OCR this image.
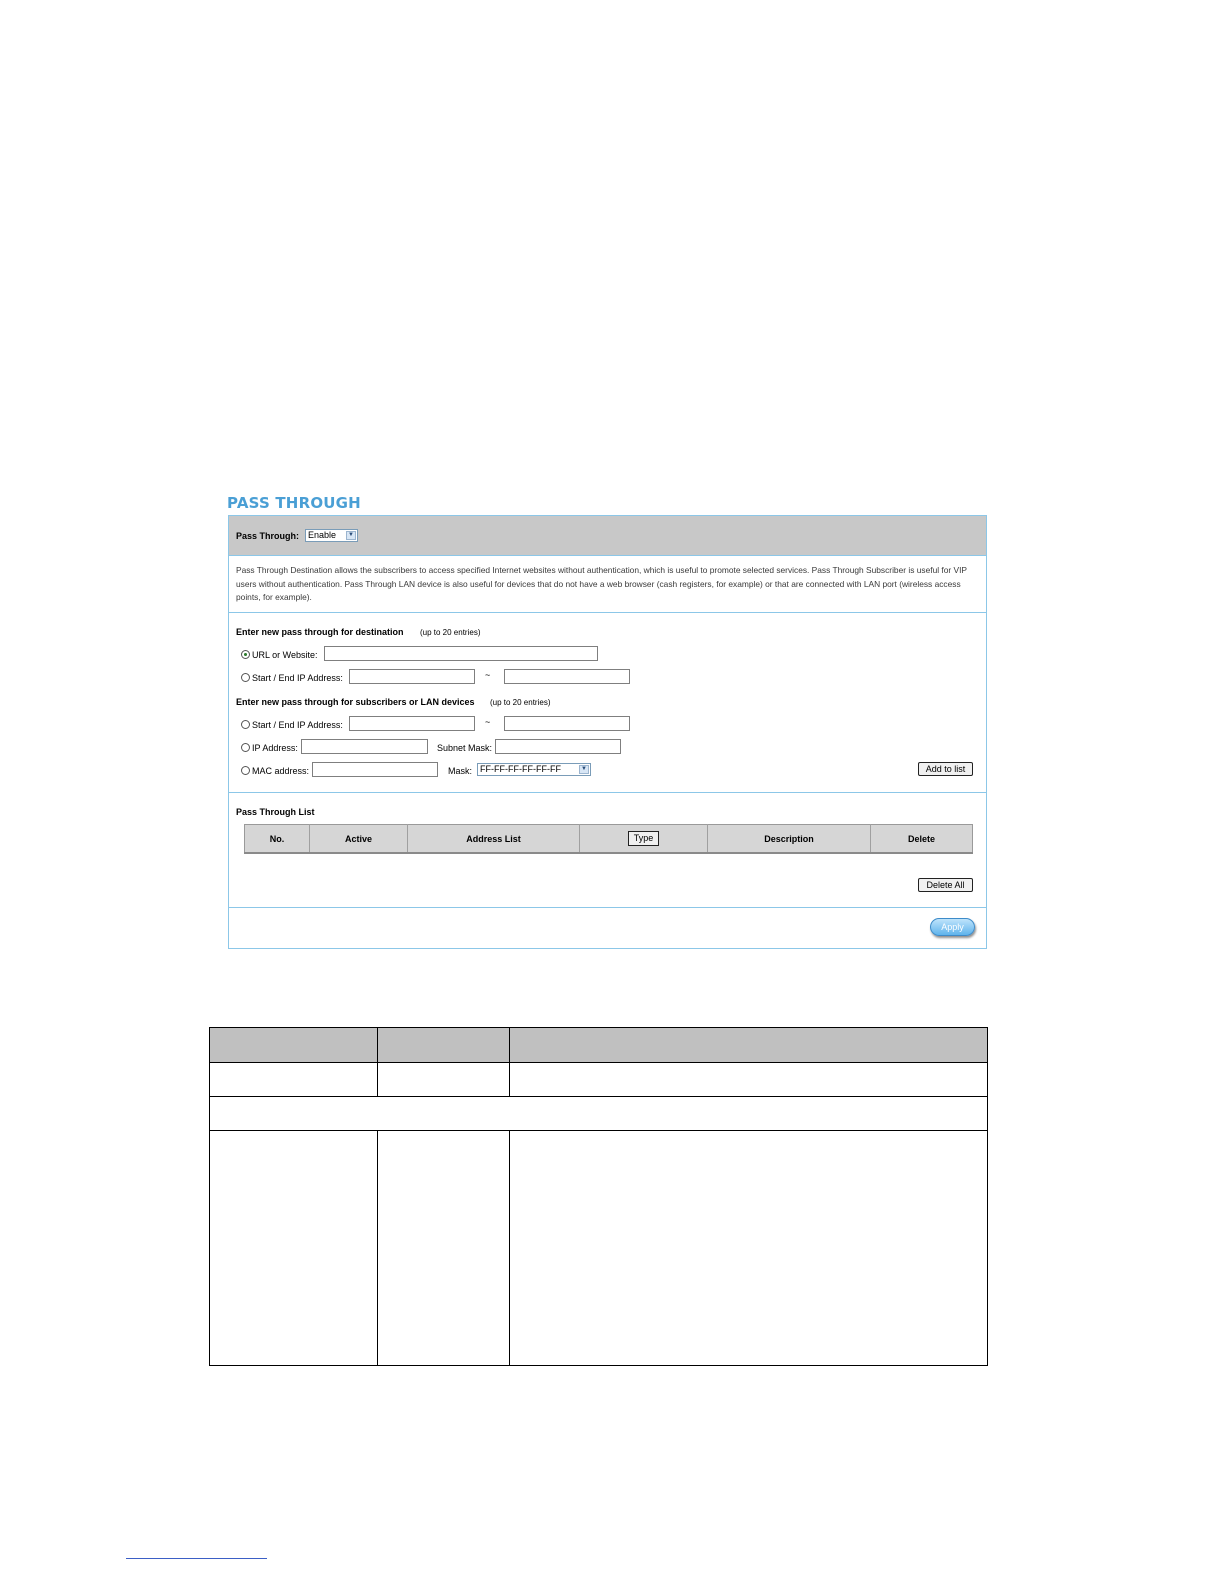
PASS THROUGH
Pass Through: Enable	▼
Pass Through Destination allows the subscribers to access specified Internet websites without authentication, which is useful to promote selected services. Pass Through Subscriber is useful for VIP users without authentication. Pass Through LAN device is also useful for devices that do not have a web browser (cash registers, for example) or that are connected with LAN port (wireless access points, for example).
Enter new pass through for destination (up to 20 entries)
URL or Website:
Start / End IP Address:	~
Enter new pass through for subscribers or LAN devices (up to 20 entries)
Start / End IP Address:	~
IP Address:	Subnet Mask:
MAC address:	Mask: FF-FF-FF-FF-FF-FF	▼	Add to list
Pass Through List
No.	Active	Address List	Type	Description	Delete
Delete All
Apply
